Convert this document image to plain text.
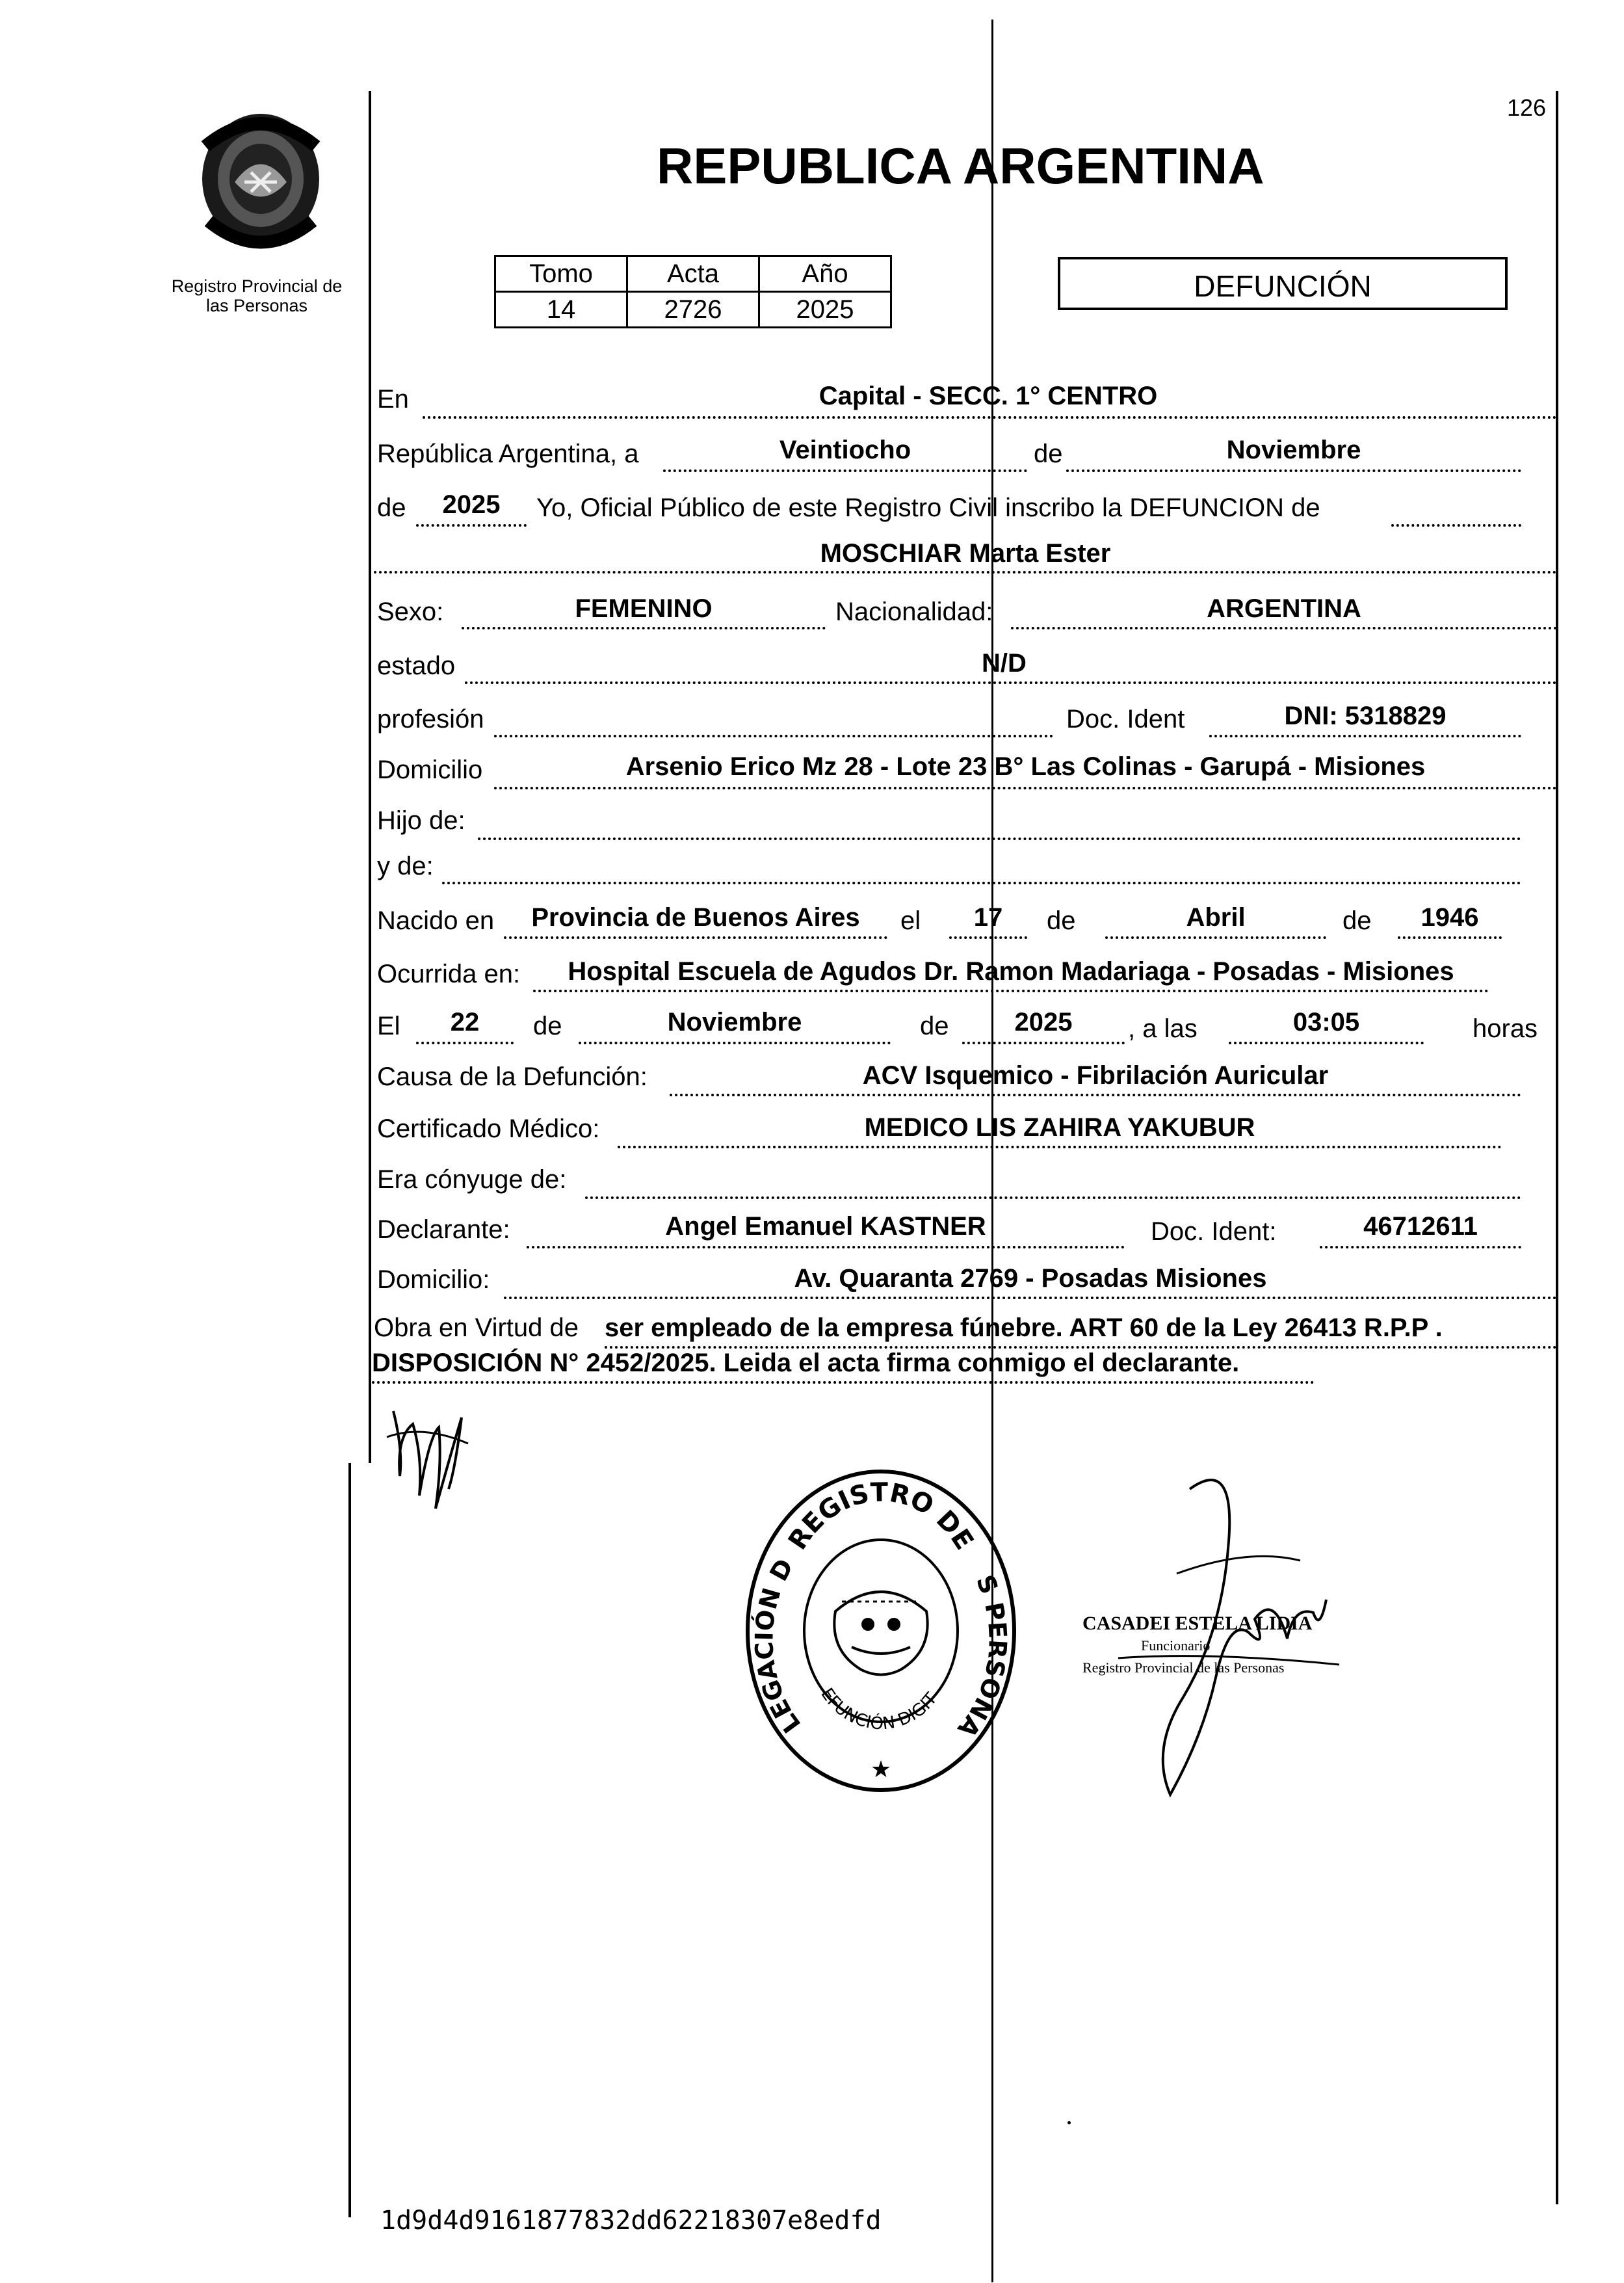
Registro Provincial de
las Personas
126
REPUBLICA ARGENTINA
Tomo	Acta	Año
14	2726	2025
DEFUNCIÓN
En	Capital - SECC. 1° CENTRO
República Argentina, a	Veintiocho	de	Noviembre
de	2025	Yo, Oficial Público de este Registro Civil inscribo la DEFUNCION de
MOSCHIAR Marta Ester
Sexo:	FEMENINO	Nacionalidad:	ARGENTINA
estado	N/D
profesión	Doc. Ident	DNI: 5318829
Domicilio	Arsenio Erico Mz 28 - Lote 23 B° Las Colinas - Garupá - Misiones
Hijo de:
y de:
Nacido en	Provincia de Buenos Aires	el	17	de	Abril	de	1946
Ocurrida en:	Hospital Escuela de Agudos Dr. Ramon Madariaga - Posadas - Misiones
El	22	de	Noviembre	de	2025	, a las	03:05	horas
Causa de la Defunción:	ACV Isquemico - Fibrilación Auricular
Certificado Médico:	MEDICO LIS ZAHIRA YAKUBUR
Era cónyuge de:
Declarante:	Angel Emanuel KASTNER	Doc. Ident:	46712611
Domicilio:	Av. Quaranta 2769 - Posadas Misiones
Obra en Virtud de ser empleado de la empresa fúnebre. ART 60 de la Ley 26413 R.P.P .
DISPOSICIÓN N° 2452/2025. Leida el acta firma conmigo el declarante.
REGISTRO DE
LEGACIÓN D	S PERSONA
EFUNCIÓN DIGIT
★
CASADEI ESTELA LIDIA
Funcionario
Registro Provincial de las Personas
1d9d4d9161877832dd62218307e8edfd
